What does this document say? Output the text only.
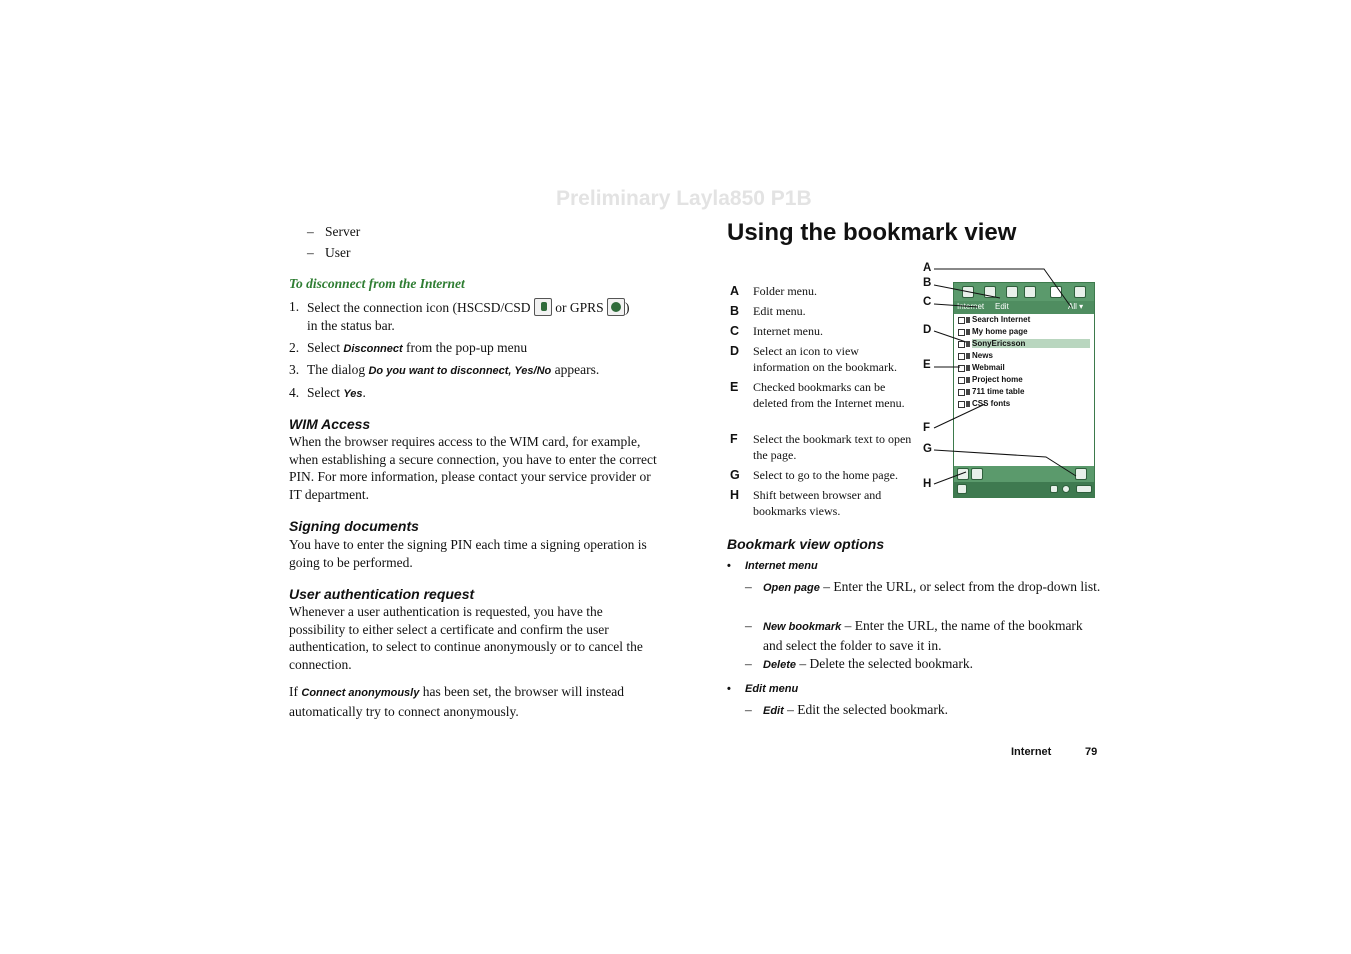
Preliminary Layla850 P1B
– Server
– User
To disconnect from the Internet
1. Select the connection icon (HSCSD/CSD or GPRS )
in the status bar.
2. Select Disconnect from the pop-up menu
3. The dialog Do you want to disconnect, Yes/No appears.
4. Select Yes.
WIM Access
When the browser requires access to the WIM card, for example, when establishing a secure connection, you have to enter the correct PIN. For more information, please contact your service provider or IT department.
Signing documents
You have to enter the signing PIN each time a signing operation is going to be performed.
User authentication request
Whenever a user authentication is requested, you have the possibility to either select a certificate and confirm the user authentication, to select to continue anonymously or to cancel the connection.
If Connect anonymously has been set, the browser will instead automatically try to connect anonymously.
Using the bookmark view
A Folder menu.
B Edit menu.
C Internet menu.
D Select an icon to view information on the bookmark.
E Checked bookmarks can be deleted from the Internet menu.
F Select the bookmark text to open the page.
G Select to go to the home page.
H Shift between browser and bookmarks views.
Internet Edit	All ▾
Search Internet
My home page
SonyEricsson
News
Webmail
Project home
711 time table
CSS fonts
A
B
C
D
E
F
G
H
Bookmark view options
• Internet menu
– Open page – Enter the URL, or select from the drop-down list.
– New bookmark – Enter the URL, the name of the bookmark and select the folder to save it in.
– Delete – Delete the selected bookmark.
• Edit menu
– Edit – Edit the selected bookmark.
Internet	79
